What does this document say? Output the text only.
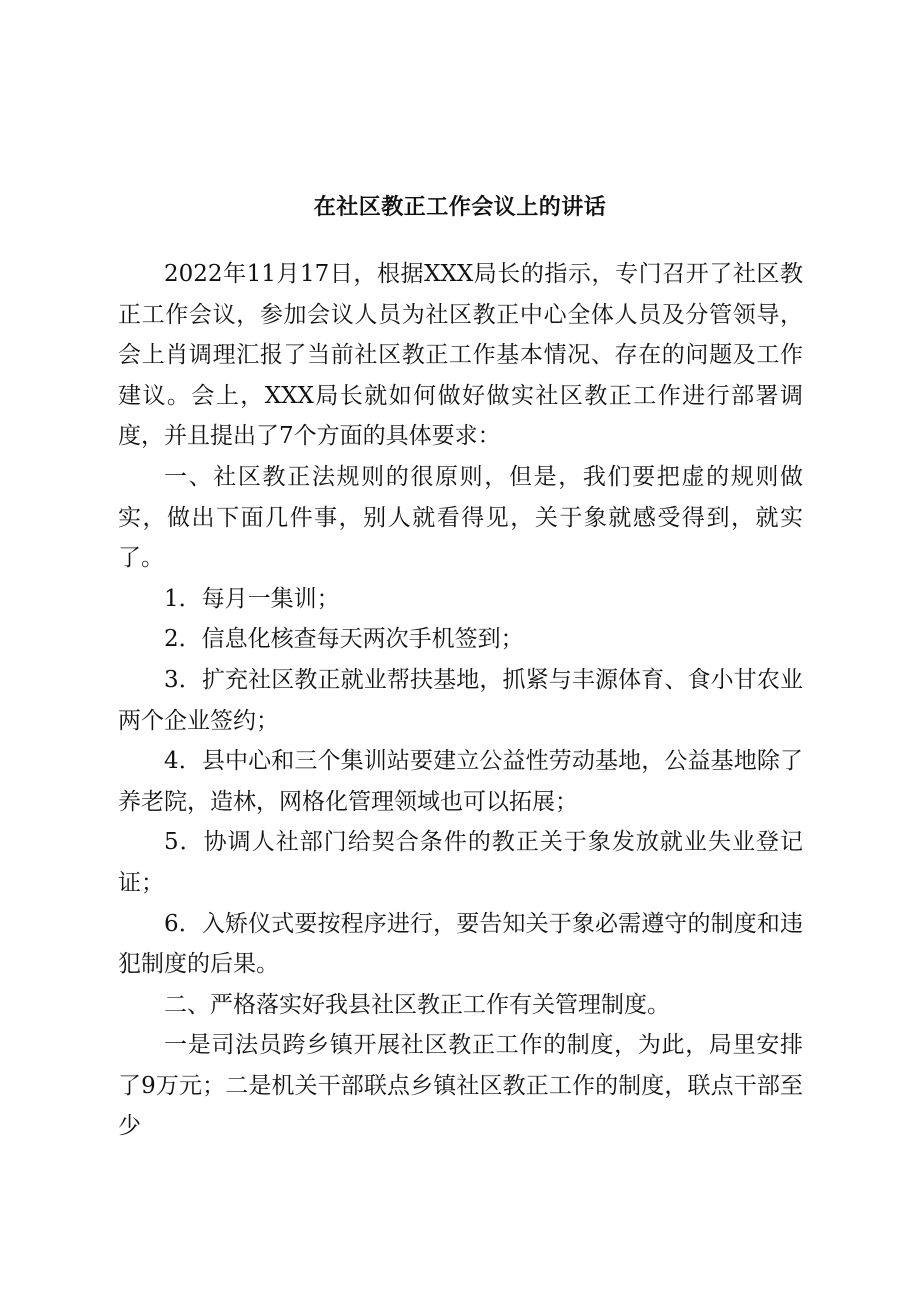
在社区教正工作会议上的讲话

2022年11月17日，根据XXX局长的指示，专门召开了社区教正工作会议，参加会议人员为社区教正中心全体人员及分管领导，会上肖调理汇报了当前社区教正工作基本情况、存在的问题及工作建议。会上，XXX局长就如何做好做实社区教正工作进行部署调度，并且提出了7个方面的具体要求：

一、社区教正法规则的很原则，但是，我们要把虚的规则做实，做出下面几件事，别人就看得见，关于象就感受得到，就实了。

1．每月一集训；

2．信息化核查每天两次手机签到；

3．扩充社区教正就业帮扶基地，抓紧与丰源体育、食小甘农业两个企业签约；

4．县中心和三个集训站要建立公益性劳动基地，公益基地除了养老院，造林，网格化管理领域也可以拓展；

5．协调人社部门给契合条件的教正关于象发放就业失业登记证；

6．入矫仪式要按程序进行，要告知关于象必需遵守的制度和违犯制度的后果。

二、严格落实好我县社区教正工作有关管理制度。

一是司法员跨乡镇开展社区教正工作的制度，为此，局里安排了9万元；二是机关干部联点乡镇社区教正工作的制度，联点干部至少
